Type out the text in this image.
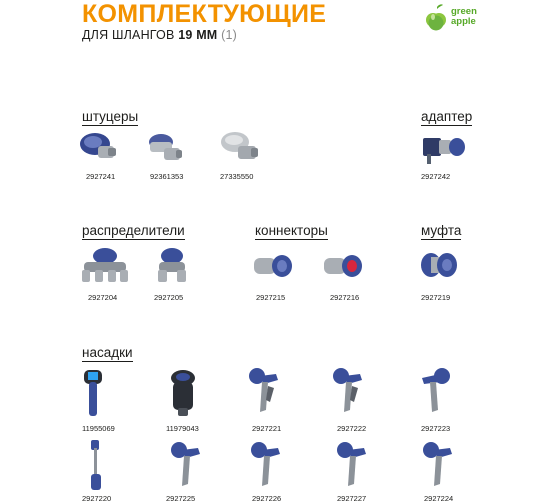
КОМПЛЕКТУЮЩИЕ
ДЛЯ ШЛАНГОВ 19 ММ (1)
green
apple
штуцеры	адаптер
распределители	коннекторы	муфта
насадки
2927241	92361353	27335550	2927242
2927204	2927205	2927215	2927216	2927219
11955069	11979043	2927221	2927222	2927223
2927220	2927225	2927226	2927227	2927224
